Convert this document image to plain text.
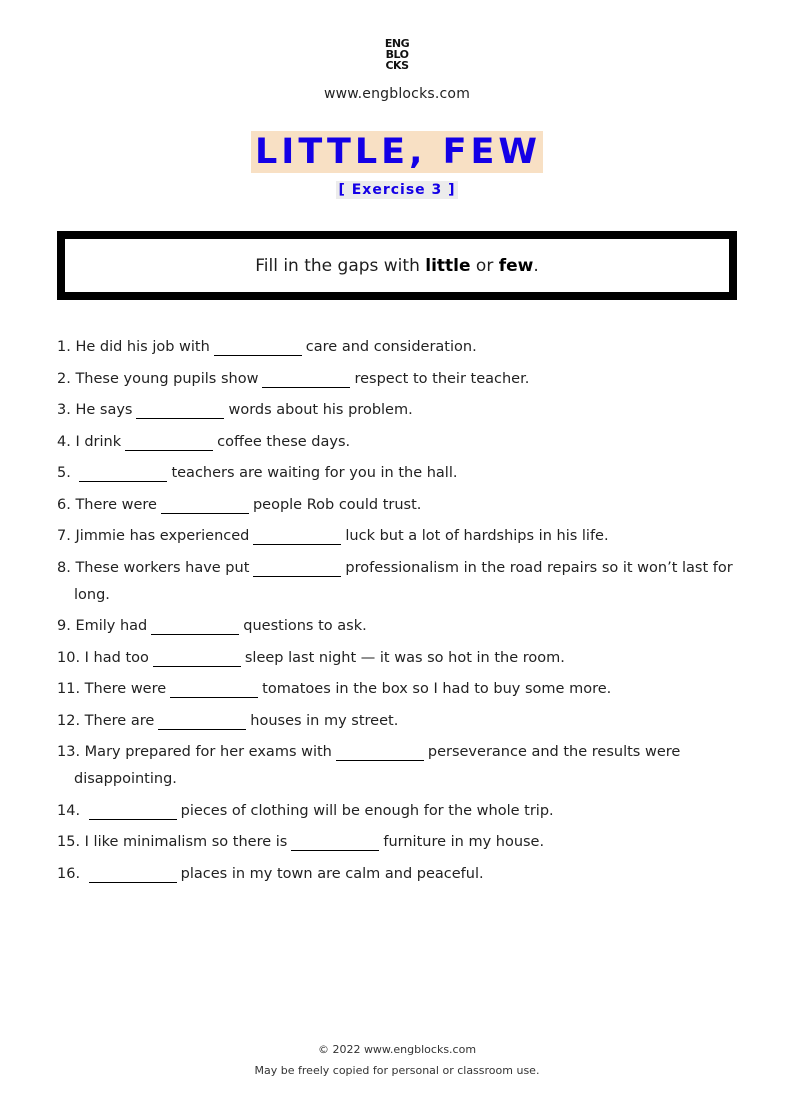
ENG
BLO
CKS
www.engblocks.com
LITTLE, FEW
[ Exercise 3 ]
Fill in the gaps with little or few.
1. He did his job with	care and consideration.
2. These young pupils show	respect to their teacher.
3. He says	words about his problem.
4. I drink	coffee these days.
5.	teachers are waiting for you in the hall.
6. There were	people Rob could trust.
7. Jimmie has experienced	luck but a lot of hardships in his life.
8. These workers have put	professionalism in the road repairs so it won’t last for long.
9. Emily had	questions to ask.
10. I had too	sleep last night — it was so hot in the room.
11. There were	tomatoes in the box so I had to buy some more.
12. There are	houses in my street.
13. Mary prepared for her exams with	perseverance and the results were disappointing.
14.	pieces of clothing will be enough for the whole trip.
15. I like minimalism so there is	furniture in my house.
16.	places in my town are calm and peaceful.
© 2022 www.engblocks.com
May be freely copied for personal or classroom use.
